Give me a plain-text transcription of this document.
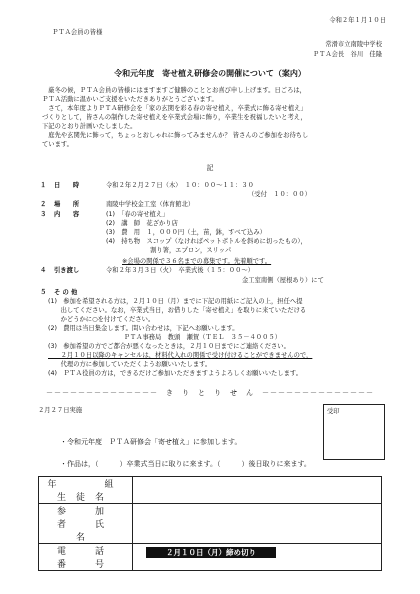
令和２年１月１０日
ＰＴＡ会員の皆様
常滑市立南陵中学校
ＰＴＡ会長　谷川　佳隆
令和元年度　寄せ植え研修会の開催について（案内）
　厳冬の候，ＰＴＡ会員の皆様にはますますご健勝のこととお喜び申し上げます。日ごろは，
ＰＴＡ活動に温かいご支援をいただきありがとうございます。
　さて，本年度よりＰＴＡ研修会を「家の玄関を彩る春の寄せ植え，卒業式に飾る寄せ植え」
づくりとして，皆さんの制作した寄せ植えを卒業式会場に飾り，卒業生を祝福したいと考え，
下記のとおり計画いたしました。
　庭先や玄関先に飾って，ちょっとおしゃれに飾ってみませんか？ 皆さんのご参加をお待ちし
ています。
記
１ 日　　時	令和２年２月２７日（木）　１０：００～１１：３０
（受付　１０：００）
２ 場　　所	南陵中学校金工室（体育館北）
３ 内　　容	(1)　「春の寄せ植え」
(2)　講　師　花ざかり店
(3)　費　用　１，０００円（土，苗，鉢，すべて込み）
(4)　持ち物　スコップ（なければペットボトルを斜めに切ったもの），
　　　　　　　割り箸，エプロン，スリッパ
※会場の関係で３６名までの募集です。先着順です。
４ 引き渡し	令和２年３月３日（火）　卒業式後（１５：００～）
金工室南側（屋根あり）にて
５ そ の 他
(1)　参加を希望される方は，２月１０日（月）までに下記の用紙にご記入の上，担任へ提
　　出してください。なお，卒業式当日，お借りした「寄せ植え」を取りに来ていただける
　　かどうかに○を付けてください。
(2)　費用は当日集金します。問い合わせは，下記へお願いします。
　　　　　　　　　　　　ＰＴＡ事務局　教頭　瀬賀（ＴＥＬ　３５－４００５）
(3)　参加希望の方でご都合が悪くなったときは，２月１０日までにご連絡ください。
　　２月１０日以降のキャンセルは，材料代入れの関係で受け付けることができませんので，
　　代理の方に参加していただくようお願いいたします。
(4)　ＰＴＡ役員の方は，できるだけご参加いただきますようよろしくお願いいたします。
－－－－－－－－－－－－－－　き　り　と　り　せ　ん　－－－－－－－－－－－－－－
２月２７日実施	受印
・令和元年度　ＰＴＡ研修会「寄せ植え」に参加します。
・作品は，（　　　）卒業式当日に取りに来ます。（　　　）後日取りに来ます。
年　　組　　生徒名	
参　加　者　氏　名	
電　話　番　号	
２月１０日（月）締め切り
